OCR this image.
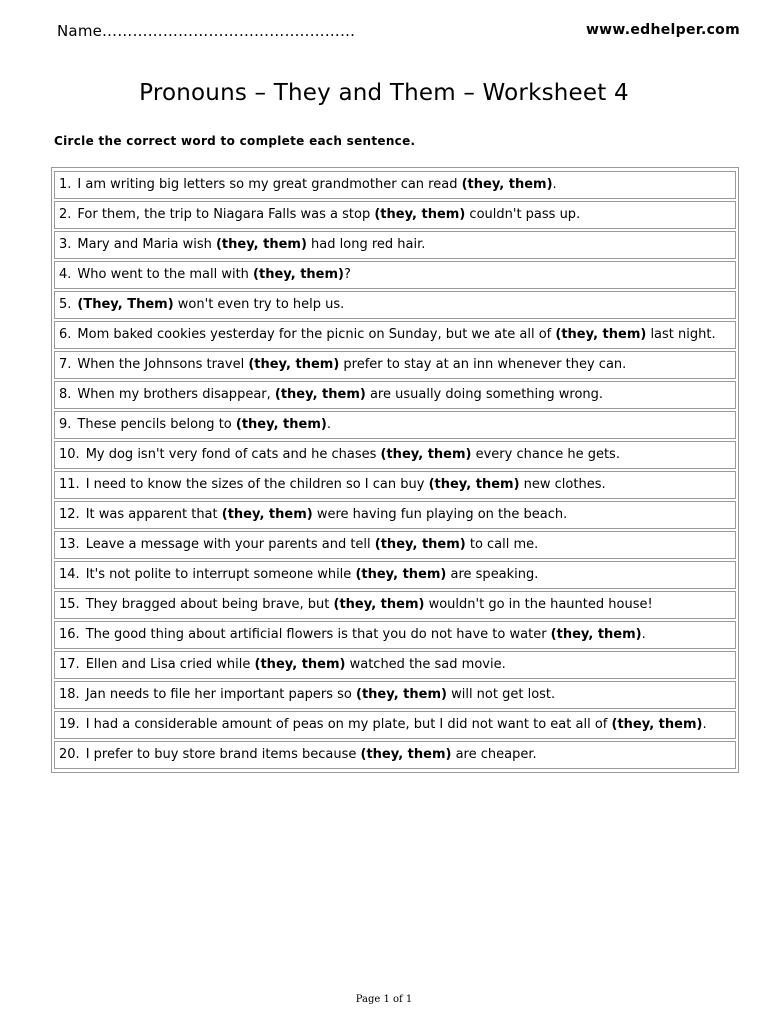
Name…………………………………..………	www.edhelper.com
Pronouns – They and Them – Worksheet 4
Circle the correct word to complete each sentence.
1. I am writing big letters so my great grandmother can read (they, them).
2. For them, the trip to Niagara Falls was a stop (they, them) couldn't pass up.
3. Mary and Maria wish (they, them) had long red hair.
4. Who went to the mall with (they, them)?
5. (They, Them) won't even try to help us.
6. Mom baked cookies yesterday for the picnic on Sunday, but we ate all of (they, them) last night.
7. When the Johnsons travel (they, them) prefer to stay at an inn whenever they can.
8. When my brothers disappear, (they, them) are usually doing something wrong.
9. These pencils belong to (they, them).
10. My dog isn't very fond of cats and he chases (they, them) every chance he gets.
11. I need to know the sizes of the children so I can buy (they, them) new clothes.
12. It was apparent that (they, them) were having fun playing on the beach.
13. Leave a message with your parents and tell (they, them) to call me.
14. It's not polite to interrupt someone while (they, them) are speaking.
15. They bragged about being brave, but (they, them) wouldn't go in the haunted house!
16. The good thing about artificial flowers is that you do not have to water (they, them).
17. Ellen and Lisa cried while (they, them) watched the sad movie.
18. Jan needs to file her important papers so (they, them) will not get lost.
19. I had a considerable amount of peas on my plate, but I did not want to eat all of (they, them).
20. I prefer to buy store brand items because (they, them) are cheaper.
Page 1 of 1
